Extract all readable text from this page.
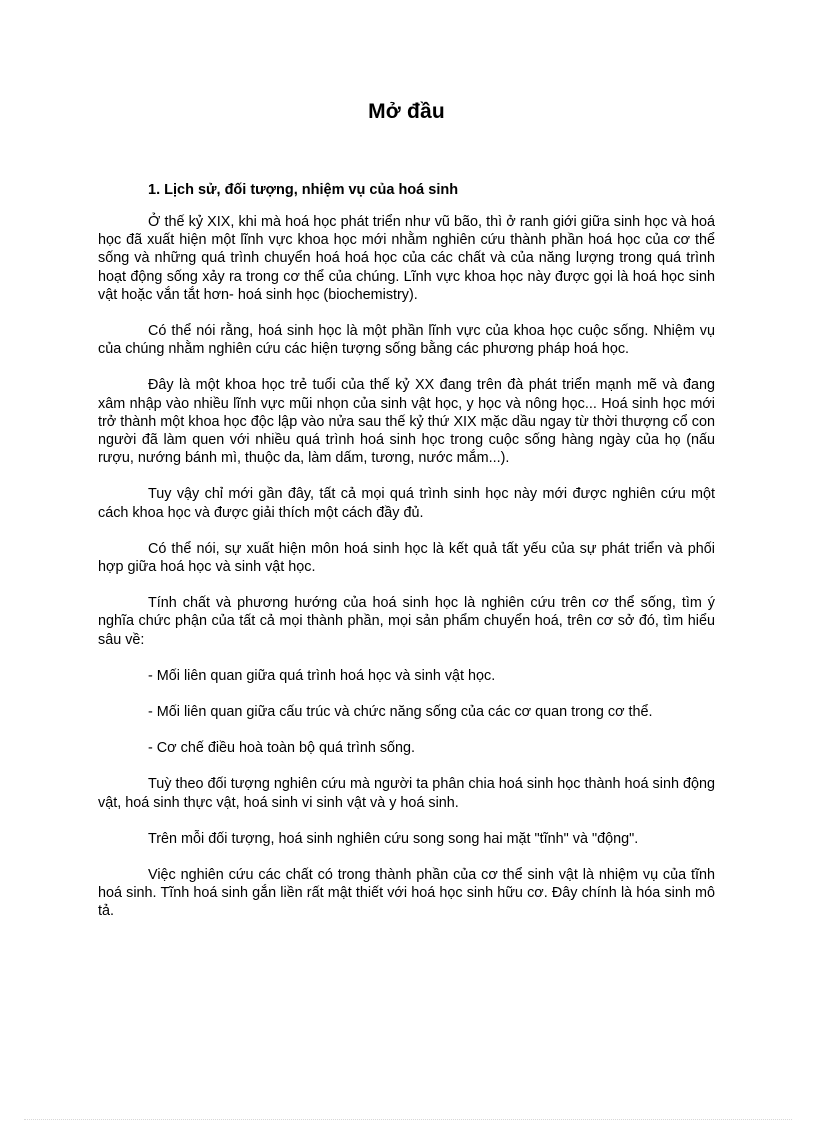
Mở đầu
1. Lịch sử, đối tượng, nhiệm vụ của hoá sinh

Ở thế kỷ XIX, khi mà hoá học phát triển như vũ bão, thì ở ranh giới giữa sinh học và hoá học đã xuất hiện một lĩnh vực khoa học mới nhằm nghiên cứu thành phần hoá học của cơ thể sống và những quá trình chuyển hoá hoá học của các chất và của năng lượng trong quá trình hoạt động sống xảy ra trong cơ thể của chúng. Lĩnh vực khoa học này được gọi là hoá học sinh vật hoặc vắn tắt hơn- hoá sinh học (biochemistry).

Có thể nói rằng, hoá sinh học là một phần lĩnh vực của khoa học cuộc sống. Nhiệm vụ của chúng nhằm nghiên cứu các hiện tượng sống bằng các phương pháp hoá học.

Đây là một khoa học trẻ tuổi của thế kỷ XX đang trên đà phát triển mạnh mẽ và đang xâm nhập vào nhiều lĩnh vực mũi nhọn của sinh vật học, y học và nông học... Hoá sinh học mới trở thành một khoa học độc lập vào nửa sau thế kỷ thứ XIX mặc dầu ngay từ thời thượng cổ con người đã làm quen với nhiều quá trình hoá sinh học trong cuộc sống hàng ngày của họ (nấu rượu, nướng bánh mì, thuộc da, làm dấm, tương, nước mắm...).

Tuy vậy chỉ mới gần đây, tất cả mọi quá trình sinh học này mới được nghiên cứu một cách khoa học và được giải thích một cách đầy đủ.

Có thể nói, sự xuất hiện môn hoá sinh học là kết quả tất yếu của sự phát triển và phối hợp giữa hoá học và sinh vật học.

Tính chất và phương hướng của hoá sinh học là nghiên cứu trên cơ thể sống, tìm ý nghĩa chức phận của tất cả mọi thành phần, mọi sản phẩm chuyển hoá, trên cơ sở đó, tìm hiểu sâu về:

- Mối liên quan giữa quá trình hoá học và sinh vật học.

- Mối liên quan giữa cấu trúc và chức năng sống của các cơ quan trong cơ thể.

- Cơ chế điều hoà toàn bộ quá trình sống.

Tuỳ theo đối tượng nghiên cứu mà người ta phân chia hoá sinh học thành hoá sinh động vật, hoá sinh thực vật, hoá sinh vi sinh vật và y hoá sinh.

Trên mỗi đối tượng, hoá sinh nghiên cứu song song hai mặt "tĩnh" và "động".

Việc nghiên cứu các chất có trong thành phần của cơ thể sinh vật là nhiệm vụ của tĩnh hoá sinh. Tĩnh hoá sinh gắn liền rất mật thiết với hoá học sinh hữu cơ. Đây chính là hóa sinh mô tả.
